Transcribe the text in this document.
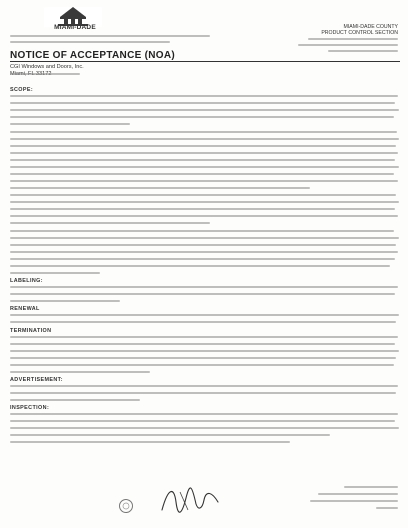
MIAMI-DADE	MIAMI-DADE COUNTY
PRODUCT CONTROL SECTION
NOTICE OF ACCEPTANCE (NOA)
CGI Windows and Doors, Inc.
SCOPE:
LABELING:
RENEWAL
TERMINATION
ADVERTISEMENT:
INSPECTION:
